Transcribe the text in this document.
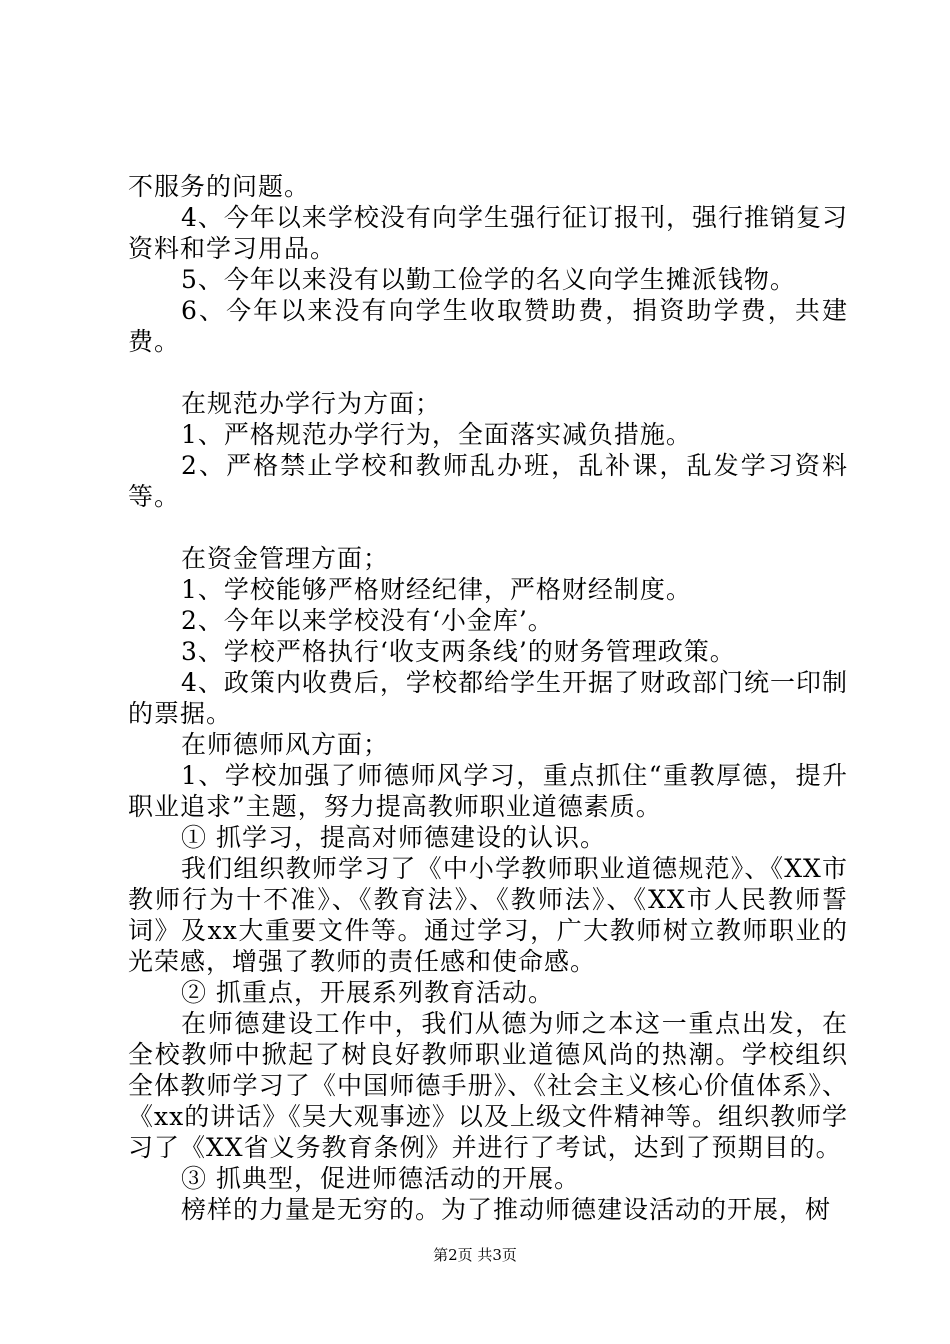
不服务的问题。

4、今年以来学校没有向学生强行征订报刊，强行推销复习资料和学习用品。

5、今年以来没有以勤工俭学的名义向学生摊派钱物。

6、今年以来没有向学生收取赞助费，捐资助学费，共建费。

在规范办学行为方面；

1、严格规范办学行为，全面落实减负措施。

2、严格禁止学校和教师乱办班，乱补课，乱发学习资料等。

在资金管理方面；

1、学校能够严格财经纪律，严格财经制度。

2、今年以来学校没有‘小金库’。

3、学校严格执行‘收支两条线’的财务管理政策。

4、政策内收费后，学校都给学生开据了财政部门统一印制的票据。

在师德师风方面；

1、学校加强了师德师风学习，重点抓住“重教厚德，提升职业追求”主题，努力提高教师职业道德素质。

① 抓学习，提高对师德建设的认识。

我们组织教师学习了《中小学教师职业道德规范》、《XX市教师行为十不准》、《教育法》、《教师法》、《XX市人民教师誓词》及xx大重要文件等。通过学习，广大教师树立教师职业的光荣感，增强了教师的责任感和使命感。

② 抓重点，开展系列教育活动。

在师德建设工作中，我们从德为师之本这一重点出发，在全校教师中掀起了树良好教师职业道德风尚的热潮。学校组织全体教师学习了《中国师德手册》、《社会主义核心价值体系》、《xx的讲话》《吴大观事迹》以及上级文件精神等。组织教师学习了《XX省义务教育条例》并进行了考试，达到了预期目的。

③ 抓典型，促进师德活动的开展。

榜样的力量是无穷的。为了推动师德建设活动的开展，树

第2页 共3页
